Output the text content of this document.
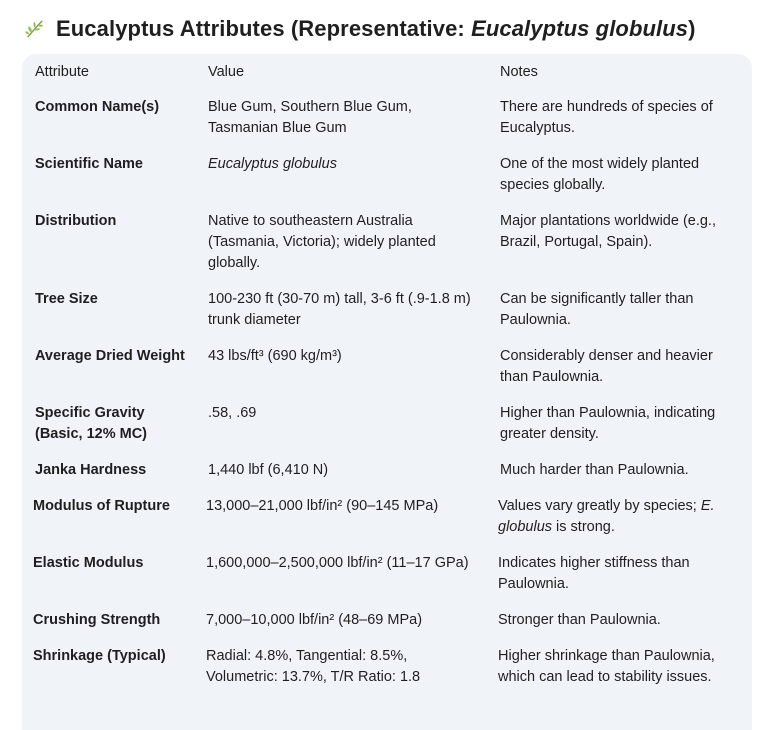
Eucalyptus Attributes (Representative: Eucalyptus globulus)
Attribute	Value	Notes
Common Name(s)	Blue Gum, Southern Blue Gum, Tasmanian Blue Gum	There are hundreds of species of Eucalyptus.
Scientific Name	Eucalyptus globulus	One of the most widely planted species globally.
Distribution	Native to southeastern Australia (Tasmania, Victoria); widely planted globally.	Major plantations worldwide (e.g., Brazil, Portugal, Spain).
Tree Size	100-230 ft (30-70 m) tall, 3-6 ft (.9-1.8 m) trunk diameter	Can be significantly taller than Paulownia.
Average Dried Weight	43 lbs/ft³ (690 kg/m³)	Considerably denser and heavier than Paulownia.
Specific Gravity (Basic, 12% MC)	.58, .69	Higher than Paulownia, indicating greater density.
Janka Hardness	1,440 lbf (6,410 N)	Much harder than Paulownia.
Modulus of Rupture	13,000–21,000 lbf/in² (90–145 MPa)	Values vary greatly by species; E. globulus is strong.
Elastic Modulus	1,600,000–2,500,000 lbf/in² (11–17 GPa)	Indicates higher stiffness than Paulownia.
Crushing Strength	7,000–10,000 lbf/in² (48–69 MPa)	Stronger than Paulownia.
Shrinkage (Typical)	Radial: 4.8%, Tangential: 8.5%, Volumetric: 13.7%, T/R Ratio: 1.8	Higher shrinkage than Paulownia, which can lead to stability issues.
